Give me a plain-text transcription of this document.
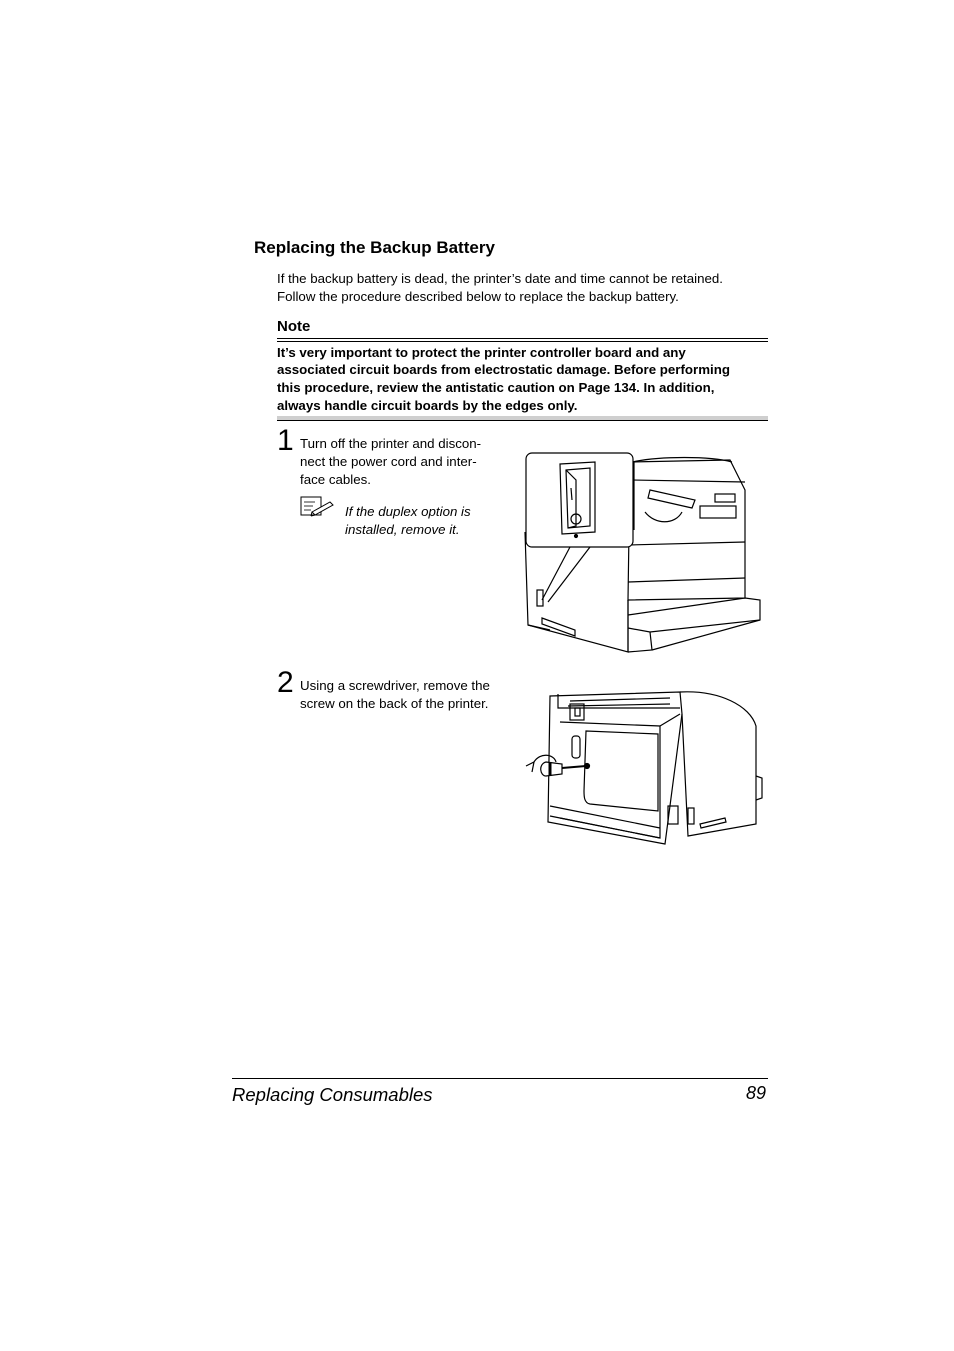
Replacing the Backup Battery
If the backup battery is dead, the printer’s date and time cannot be retained.
Follow the procedure described below to replace the backup battery.
Note
It’s very important to protect the printer controller board and any
associated circuit boards from electrostatic damage. Before performing
this procedure, review the antistatic caution on Page 134. In addition,
always handle circuit boards by the edges only.
1 Turn off the printer and discon-
nect the power cord and inter-
face cables.
If the duplex option is
installed, remove it.
2 Using a screwdriver, remove the
screw on the back of the printer.
Replacing Consumables	89
